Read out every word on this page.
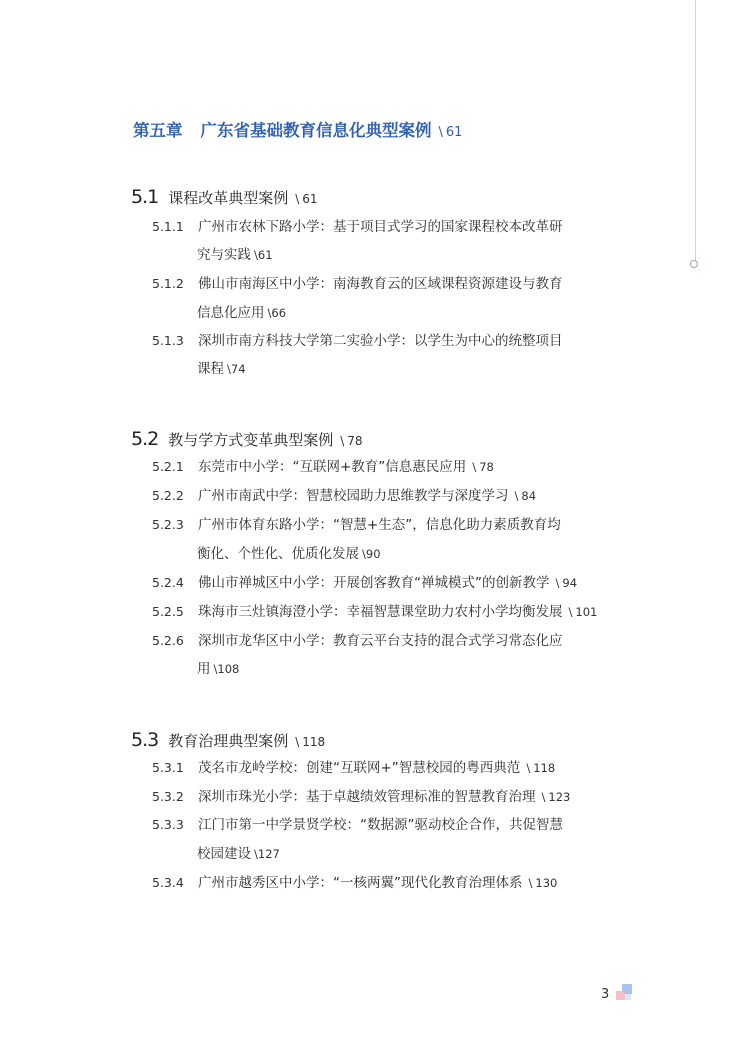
第五章 广东省基础教育信息化典型案例 \ 61
5.1 课程改革典型案例 \ 61
5.1.1 广州市农林下路小学：基于项目式学习的国家课程校本改革研
究与实践 \61
5.1.2 佛山市南海区中小学：南海教育云的区域课程资源建设与教育
信息化应用 \66
5.1.3 深圳市南方科技大学第二实验小学：以学生为中心的统整项目
课程 \74
5.2 教与学方式变革典型案例 \ 78
5.2.1 东莞市中小学：“互联网+教育”信息惠民应用 \ 78
5.2.2 广州市南武中学：智慧校园助力思维教学与深度学习 \ 84
5.2.3 广州市体育东路小学：“智慧+生态”，信息化助力素质教育均
衡化、个性化、优质化发展 \90
5.2.4 佛山市禅城区中小学：开展创客教育“禅城模式”的创新教学 \ 94
5.2.5 珠海市三灶镇海澄小学：幸福智慧课堂助力农村小学均衡发展 \ 101
5.2.6 深圳市龙华区中小学：教育云平台支持的混合式学习常态化应
用 \108
5.3 教育治理典型案例 \ 118
5.3.1 茂名市龙岭学校：创建“互联网+”智慧校园的粤西典范 \ 118
5.3.2 深圳市珠光小学：基于卓越绩效管理标准的智慧教育治理 \ 123
5.3.3 江门市第一中学景贤学校：“数据源”驱动校企合作，共促智慧
校园建设 \127
5.3.4 广州市越秀区中小学：“一核两翼”现代化教育治理体系 \ 130
3
